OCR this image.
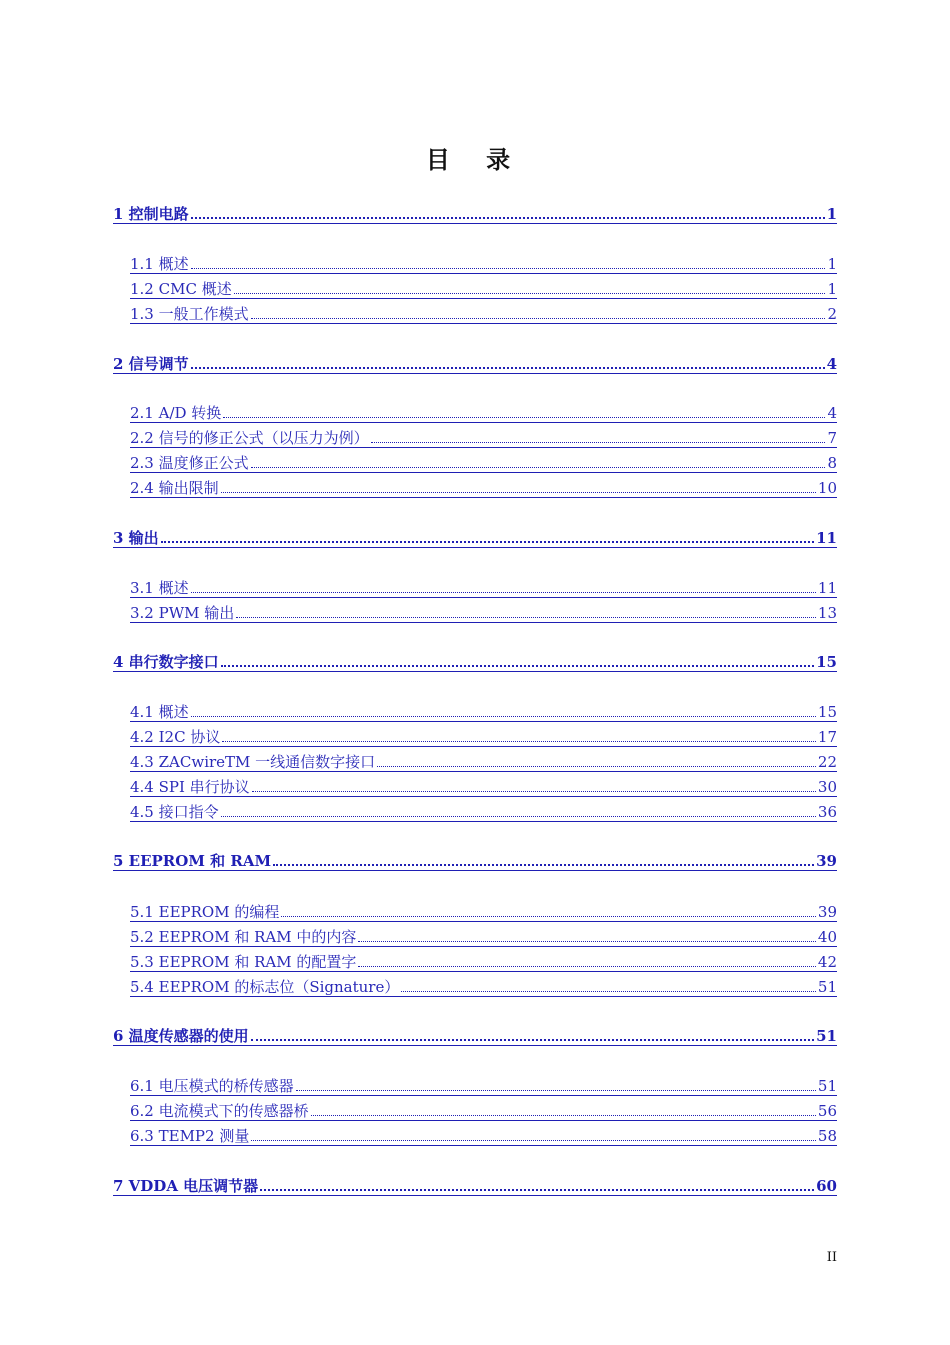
目 录
1 控制电路	1
1.1 概述	1
1.2 CMC 概述	1
1.3 一般工作模式	2
2 信号调节	4
2.1 A/D 转换	4
2.2 信号的修正公式（以压力为例）	7
2.3 温度修正公式	8
2.4 输出限制	10
3 输出	11
3.1 概述	11
3.2 PWM 输出	13
4 串行数字接口	15
4.1 概述	15
4.2 I2C 协议	17
4.3 ZACwireTM 一线通信数字接口	22
4.4 SPI 串行协议	30
4.5 接口指令	36
5 EEPROM 和 RAM	39
5.1 EEPROM 的编程	39
5.2 EEPROM 和 RAM 中的内容	40
5.3 EEPROM 和 RAM 的配置字	42
5.4 EEPROM 的标志位（Signature）	51
6 温度传感器的使用	51
6.1 电压模式的桥传感器	51
6.2 电流模式下的传感器桥	56
6.3 TEMP2 测量	58
7 VDDA 电压调节器	60
II
